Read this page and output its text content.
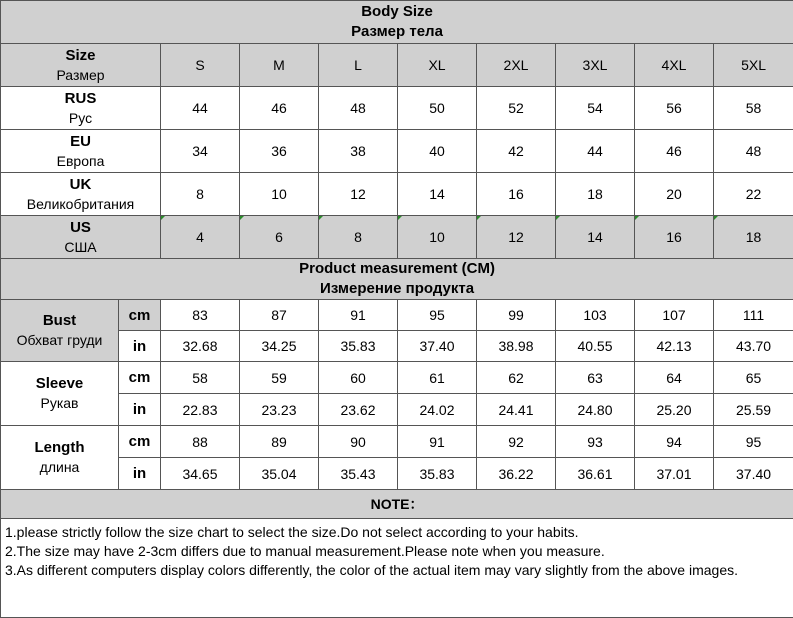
Body Size
Размер тела									

Size
Размер		S	M	L	XL	2XL	3XL	4XL	5XL

RUS
Рус		44	46	48	50	52	54	56	58

EU
Европа		34	36	38	40	42	44	46	48

UK
Великобритания		8	10	12	14	16	18	20	22

US
США		4	6	8	10	12	14	16	18

Product measurement (CM)
Измерение продукта									

Bust
Обхват груди	cm	83	87	91	95	99	103	107	111
	in	32.68	34.25	35.83	37.40	38.98	40.55	42.13	43.70

Sleeve
Рукав	cm	58	59	60	61	62	63	64	65
	in	22.83	23.23	23.62	24.02	24.41	24.80	25.20	25.59

Length
длина	cm	88	89	90	91	92	93	94	95
	in	34.65	35.04	35.43	35.83	36.22	36.61	37.01	37.40
NOTE：									

1.please strictly follow the size chart to select the size.Do not select according to your habits.
2.The size may have 2-3cm differs due to manual measurement.Please note when you measure.
3.As different computers display colors differently, the color of the actual item may vary slightly from the above images.									
